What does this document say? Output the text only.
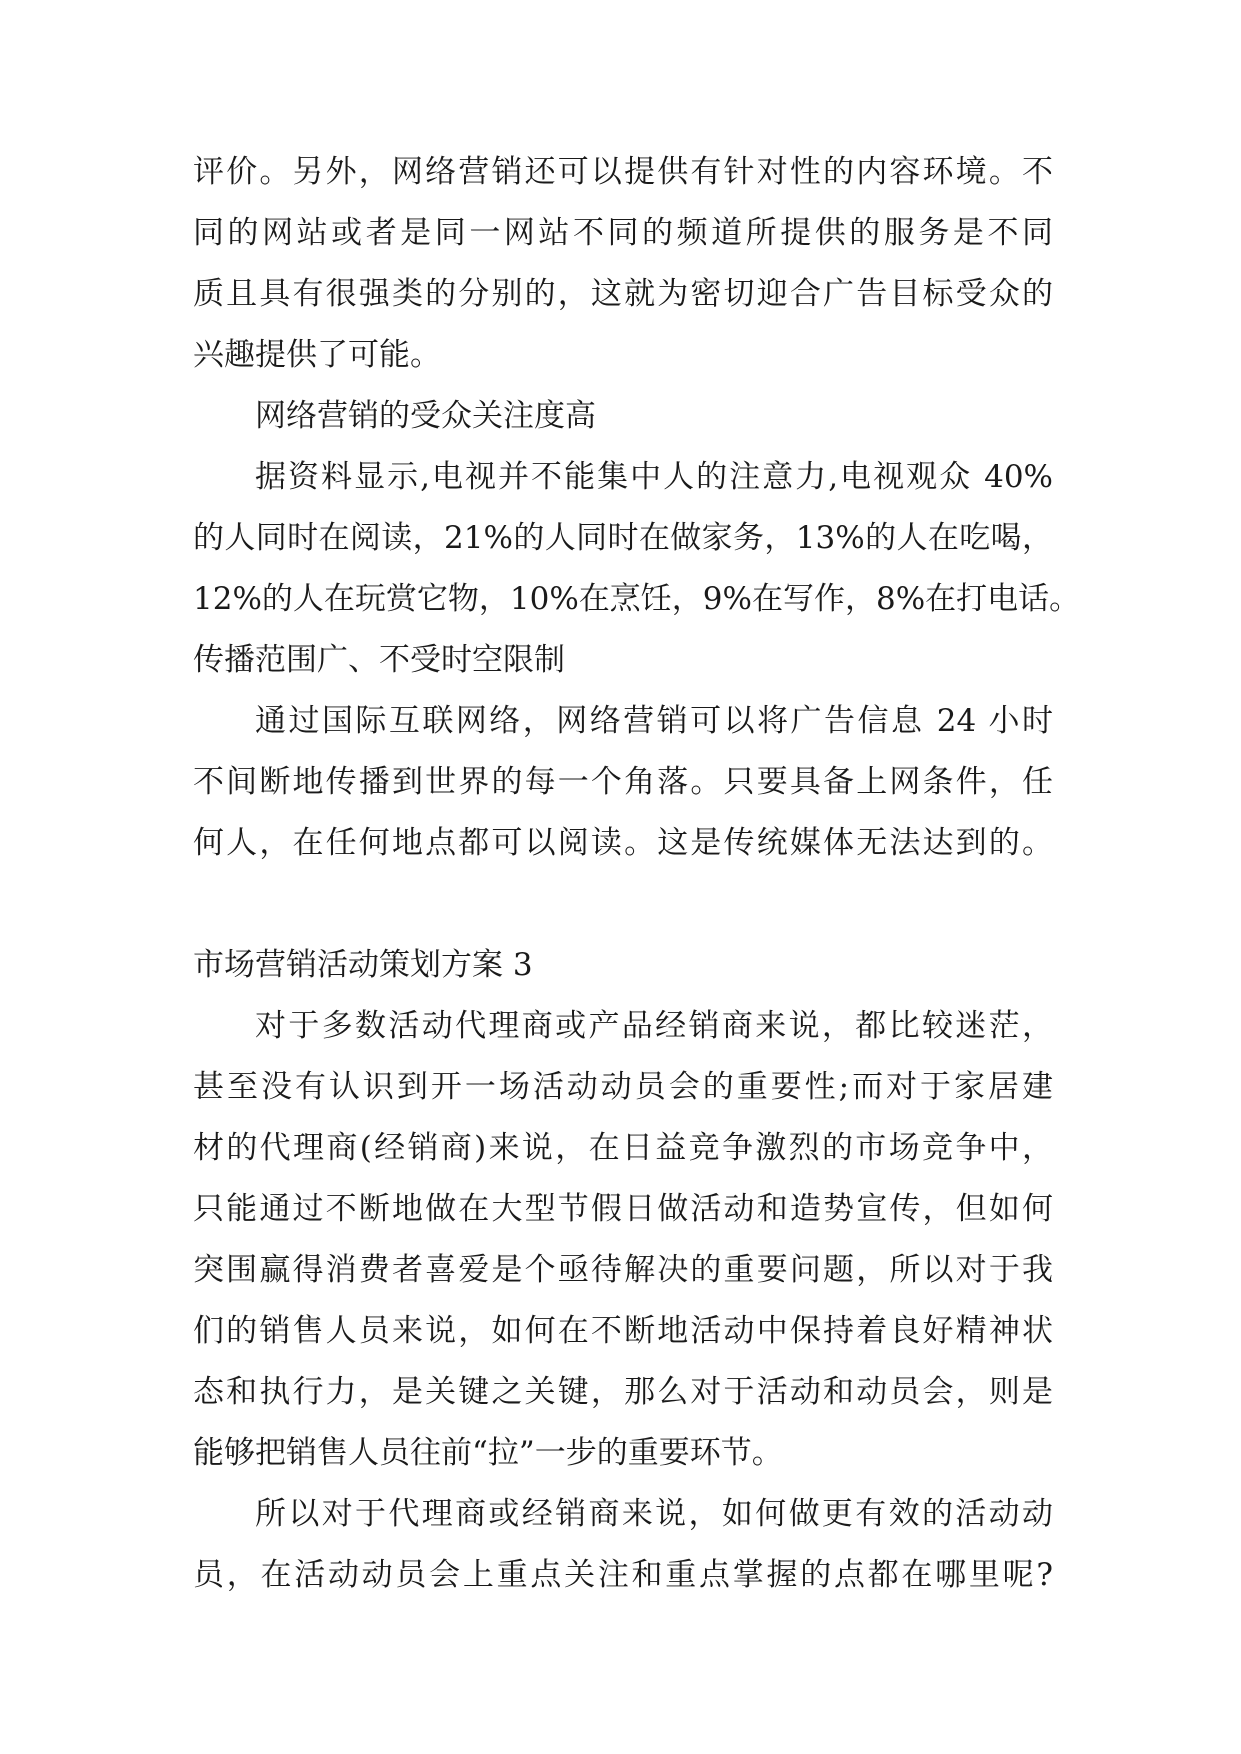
评价。另外，网络营销还可以提供有针对性的内容环境。不
同的网站或者是同一网站不同的频道所提供的服务是不同
质且具有很强类的分别的，这就为密切迎合广告目标受众的
兴趣提供了可能。
网络营销的受众关注度高
据资料显示,电视并不能集中人的注意力,电视观众 40%
的人同时在阅读，21%的人同时在做家务，13%的人在吃喝，
12%的人在玩赏它物，10%在烹饪，9%在写作，8%在打电话。
传播范围广、不受时空限制
通过国际互联网络，网络营销可以将广告信息 24 小时
不间断地传播到世界的每一个角落。只要具备上网条件，任
何人，在任何地点都可以阅读。这是传统媒体无法达到的。
市场营销活动策划方案 3
对于多数活动代理商或产品经销商来说，都比较迷茫，
甚至没有认识到开一场活动动员会的重要性;而对于家居建
材的代理商(经销商)来说，在日益竞争激烈的市场竞争中，
只能通过不断地做在大型节假日做活动和造势宣传，但如何
突围赢得消费者喜爱是个亟待解决的重要问题，所以对于我
们的销售人员来说，如何在不断地活动中保持着良好精神状
态和执行力，是关键之关键，那么对于活动和动员会，则是
能够把销售人员往前“拉”一步的重要环节。
所以对于代理商或经销商来说，如何做更有效的活动动
员，在活动动员会上重点关注和重点掌握的点都在哪里呢?
